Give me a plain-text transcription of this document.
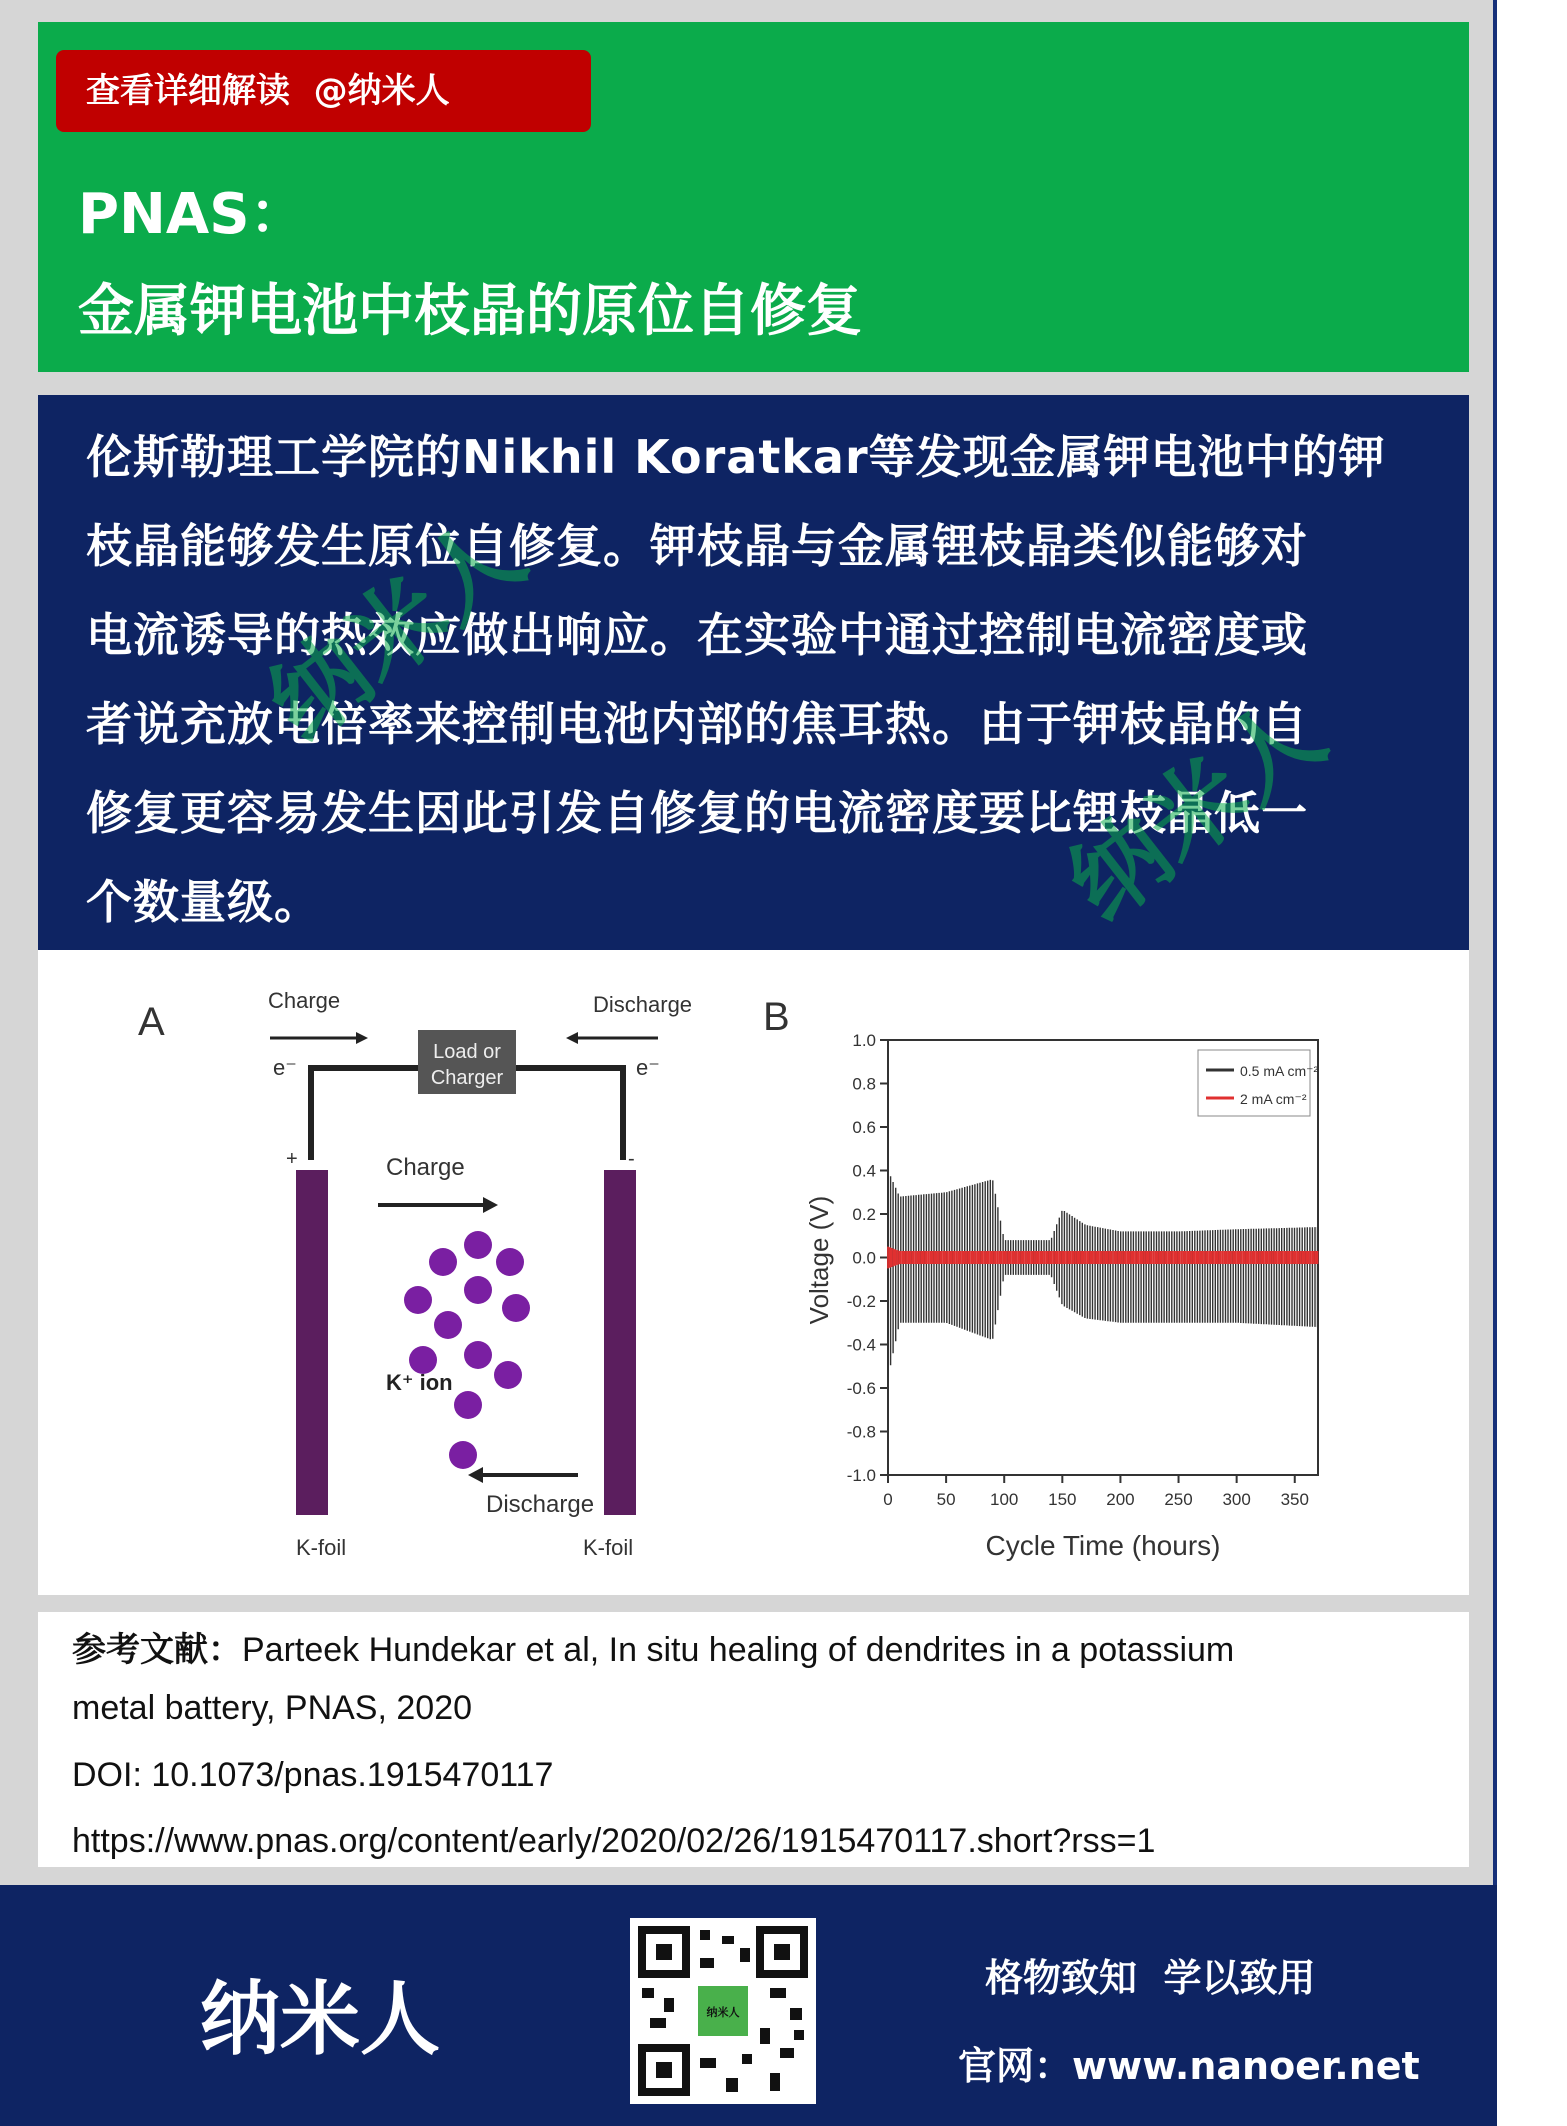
查看详细解读  @纳米人
PNAS：
金属钾电池中枝晶的原位自修复
伦斯勒理工学院的Nikhil Koratkar等发现金属钾电池中的钾
枝晶能够发生原位自修复。钾枝晶与金属锂枝晶类似能够对
电流诱导的热效应做出响应。在实验中通过控制电流密度或
者说充放电倍率来控制电池内部的焦耳热。由于钾枝晶的自
修复更容易发生因此引发自修复的电流密度要比锂枝晶低一
个数量级。
纳米人
纳米人
A	Charge	Discharge
e⁻	e⁻
Load or
Charger
+	-
Charge
K⁺ ion
Discharge
K-foil	K-foil
B
1.0
0.8
0.6
0.4
0.2
0.0
-0.2
-0.4
-0.6
-0.8
-1.0
0	50 100 150 200 250 300 350
Cycle Time (hours)
Voltage (V)
0.5 mA cm⁻²
2 mA cm⁻²
参考文献：Parteek Hundekar et al, In situ healing of dendrites in a potassium
metal battery, PNAS, 2020
DOI: 10.1073/pnas.1915470117
https://www.pnas.org/content/early/2020/02/26/1915470117.short?rss=1
纳米人	纳米人
格物致知  学以致用
官网：www.nanoer.net
